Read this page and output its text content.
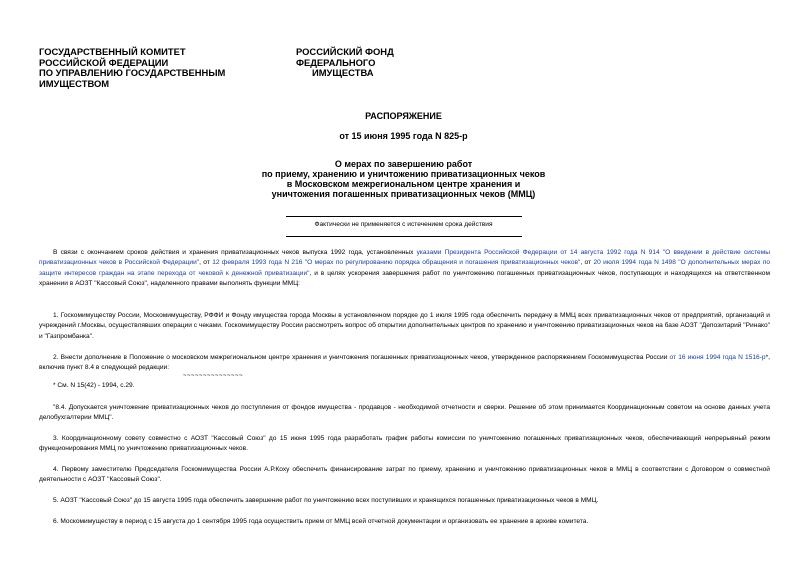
ГОСУДАРСТВЕННЫЙ КОМИТЕТ
РОССИЙСКОЙ ФЕДЕРАЦИИ
ПО УПРАВЛЕНИЮ ГОСУДАРСТВЕННЫМ
ИМУЩЕСТВОМ
РОССИЙСКИЙ ФОНД
ФЕДЕРАЛЬНОГО
ИМУЩЕСТВА
РАСПОРЯЖЕНИЕ
от 15 июня 1995 года N 825-р
О мерах по завершению работ
по приему, хранению и уничтожению приватизационных чеков
в Московском межрегиональном центре хранения и
уничтожения погашенных приватизационных чеков (ММЦ)
Фактически не применяется с истечением срока действия

В связи с окончанием сроков действия и хранения приватизационных чеков выпуска 1992 года, установленных указами Президента Российской Федерации от 14 августа 1992 года N 914 "О введении в действие системы приватизационных чеков в Российской Федерации", от 12 февраля 1993 года N 216 "О мерах по регулированию порядка обращения и погашения приватизационных чеков", от 20 июля 1994 года N 1498 "О дополнительных мерах по защите интересов граждан на этапе перехода от чековой к денежной приватизации", и в целях ускорения завершения работ по уничтожению погашенных приватизационных чеков, поступающих и находящихся на ответственном хранении в АОЗТ "Кассовый Союз", наделенного правами выполнять функции ММЦ:

1. Госкомимуществу России, Москомимуществу, РФФИ и Фонду имущества города Москвы в установленном порядке до 1 июля 1995 года обеспечить передачу в ММЦ всех приватизационных чеков от предприятий, организаций и учреждений г.Москвы, осуществлявших операции с чеками. Госкомимуществу России рассмотреть вопрос об открытии дополнительных центров по хранению и уничтожению приватизационных чеков на базе АОЗТ "Депозитарий "Ринако" и "Газпромбанка".

2. Внести дополнение в Положение о московском межрегиональном центре хранения и уничтожения погашенных приватизационных чеков, утвержденное распоряжением Госкомимущества России от 16 июня 1994 года N 1516-р*, включив пункт 8.4 в следующей редакции:

~~~~~~~~~~~~~~~

* См. N 15(42) - 1994, с.29.

"8.4. Допускается уничтожение приватизационных чеков до поступления от фондов имущества - продавцов - необходимой отчетности и сверки. Решение об этом принимается Координационным советом на основе данных учета делобухгалтерии ММЦ".

3. Координационному совету совместно с АОЗТ "Кассовый Союз" до 15 июня 1995 года разработать график работы комиссии по уничтожению погашенных приватизационных чеков, обеспечивающий непрерывный режим функционирования ММЦ по уничтожению приватизационных чеков.

4. Первому заместителю Председателя Госкомимущества России А.Р.Коху обеспечить финансирование затрат по приему, хранению и уничтожению приватизационных чеков в ММЦ в соответствии с Договором о совместной деятельности с АОЗТ "Кассовый Союз".

5. АОЗТ "Кассовый Союз" до 15 августа 1995 года обеспечить завершение работ по уничтожению всех поступивших и хранящихся погашенных приватизационных чеков в ММЦ.

6. Москомимуществу в период с 15 августа до 1 сентября 1995 года осуществить прием от ММЦ всей отчетной документации и организовать ее хранение в архиве комитета.
